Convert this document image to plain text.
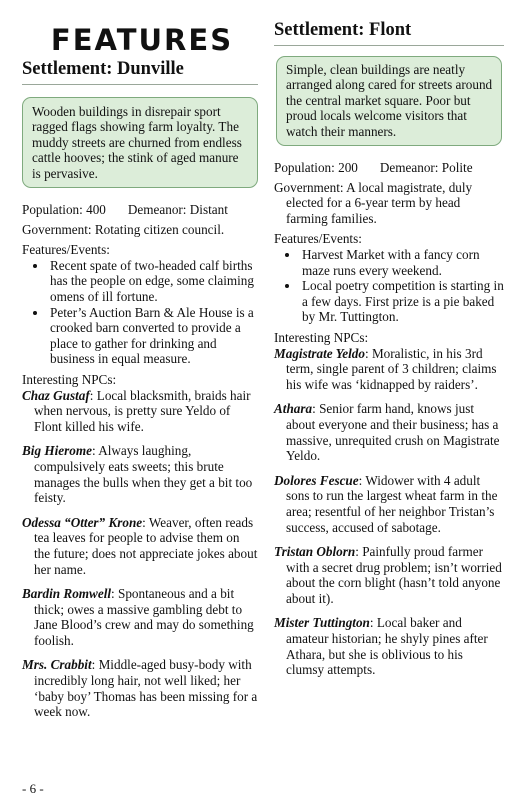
FEATURES
Settlement: Dunville
Wooden buildings in disrepair sport ragged flags showing farm loyalty. The muddy streets are churned from endless cattle hooves; the stink of aged manure is pervasive.
Population: 400 Demeanor: Distant

Government: Rotating citizen council.

Features/Events:

• Recent spate of two-headed calf births has the people on edge, some claiming omens of ill fortune.
• Peter’s Auction Barn & Ale House is a crooked barn converted to provide a place to gather for drinking and business in equal measure.

Interesting NPCs:

Chaz Gustaf: Local blacksmith, braids hair when nervous, is pretty sure Yeldo of Flont killed his wife.

Big Hierome: Always laughing, compulsively eats sweets; this brute manages the bulls when they get a bit too feisty.

Odessa “Otter” Krone: Weaver, often reads tea leaves for people to advise them on the future; does not appreciate jokes about her name.

Bardin Romwell: Spontaneous and a bit thick; owes a massive gambling debt to Jane Blood’s crew and may do something foolish.

Mrs. Crabbit: Middle-aged busy-body with incredibly long hair, not well liked; her ‘baby boy’ Thomas has been missing for a week now.

Settlement: Flont
Simple, clean buildings are neatly arranged along cared for streets around the central market square. Poor but proud locals welcome visitors that watch their manners.
Population: 200 Demeanor: Polite

Government: A local magistrate, duly elected for a 6-year term by head farming families.

Features/Events:

• Harvest Market with a fancy corn maze runs every weekend.
• Local poetry competition is starting in a few days. First prize is a pie baked by Mr. Tuttington.

Interesting NPCs:

Magistrate Yeldo: Moralistic, in his 3rd term, single parent of 3 children; claims his wife was ‘kidnapped by raiders’.

Athara: Senior farm hand, knows just about everyone and their business; has a massive, unrequited crush on Magistrate Yeldo.

Dolores Fescue: Widower with 4 adult sons to run the largest wheat farm in the area; resentful of her neighbor Tristan’s success, accused of sabotage.

Tristan Oblorn: Painfully proud farmer with a secret drug problem; isn’t worried about the corn blight (hasn’t told anyone about it).

Mister Tuttington: Local baker and amateur historian; he shyly pines after Athara, but she is oblivious to his clumsy attempts.

- 6 -
